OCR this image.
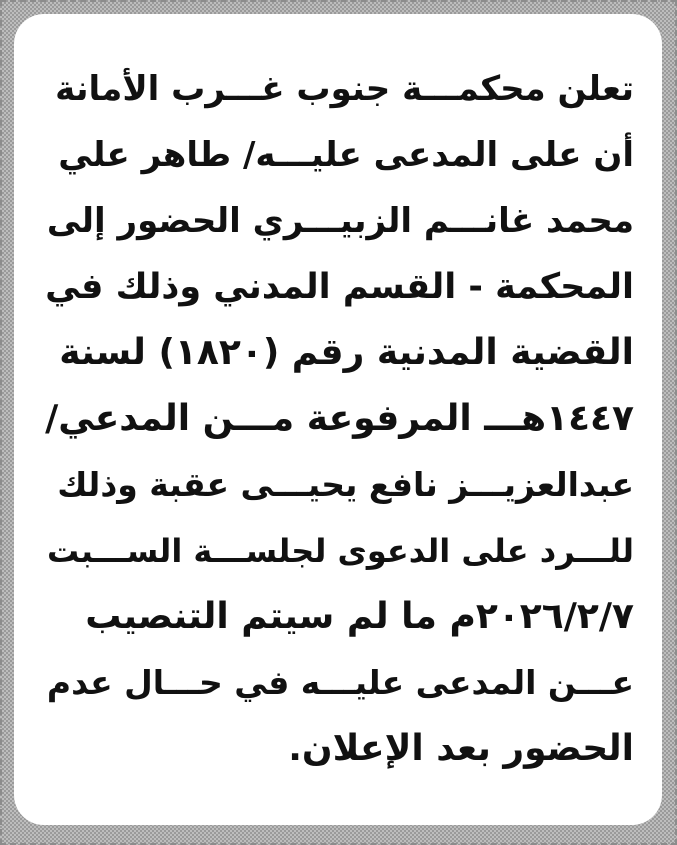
تعلن محكمـــة جنوب غـــرب الأمانة
أن على المدعى عليـــه/ طاهر علي
محمد غانـــم الزبيـــري الحضور إلى
المحكمة - القسم المدني وذلك في
القضية المدنية رقم (١٨٢٠) لسنة
١٤٤٧هـــ المرفوعة مـــن المدعي/
عبدالعزيـــز نافع يحيـــى عقبة وذلك
للـــرد على الدعوى لجلســـة الســـبت
٢٠٢٦/٢/٧م ما لم سيتم التنصيب
عـــن المدعى عليـــه في حـــال عدم
الحضور بعد الإعلان.
